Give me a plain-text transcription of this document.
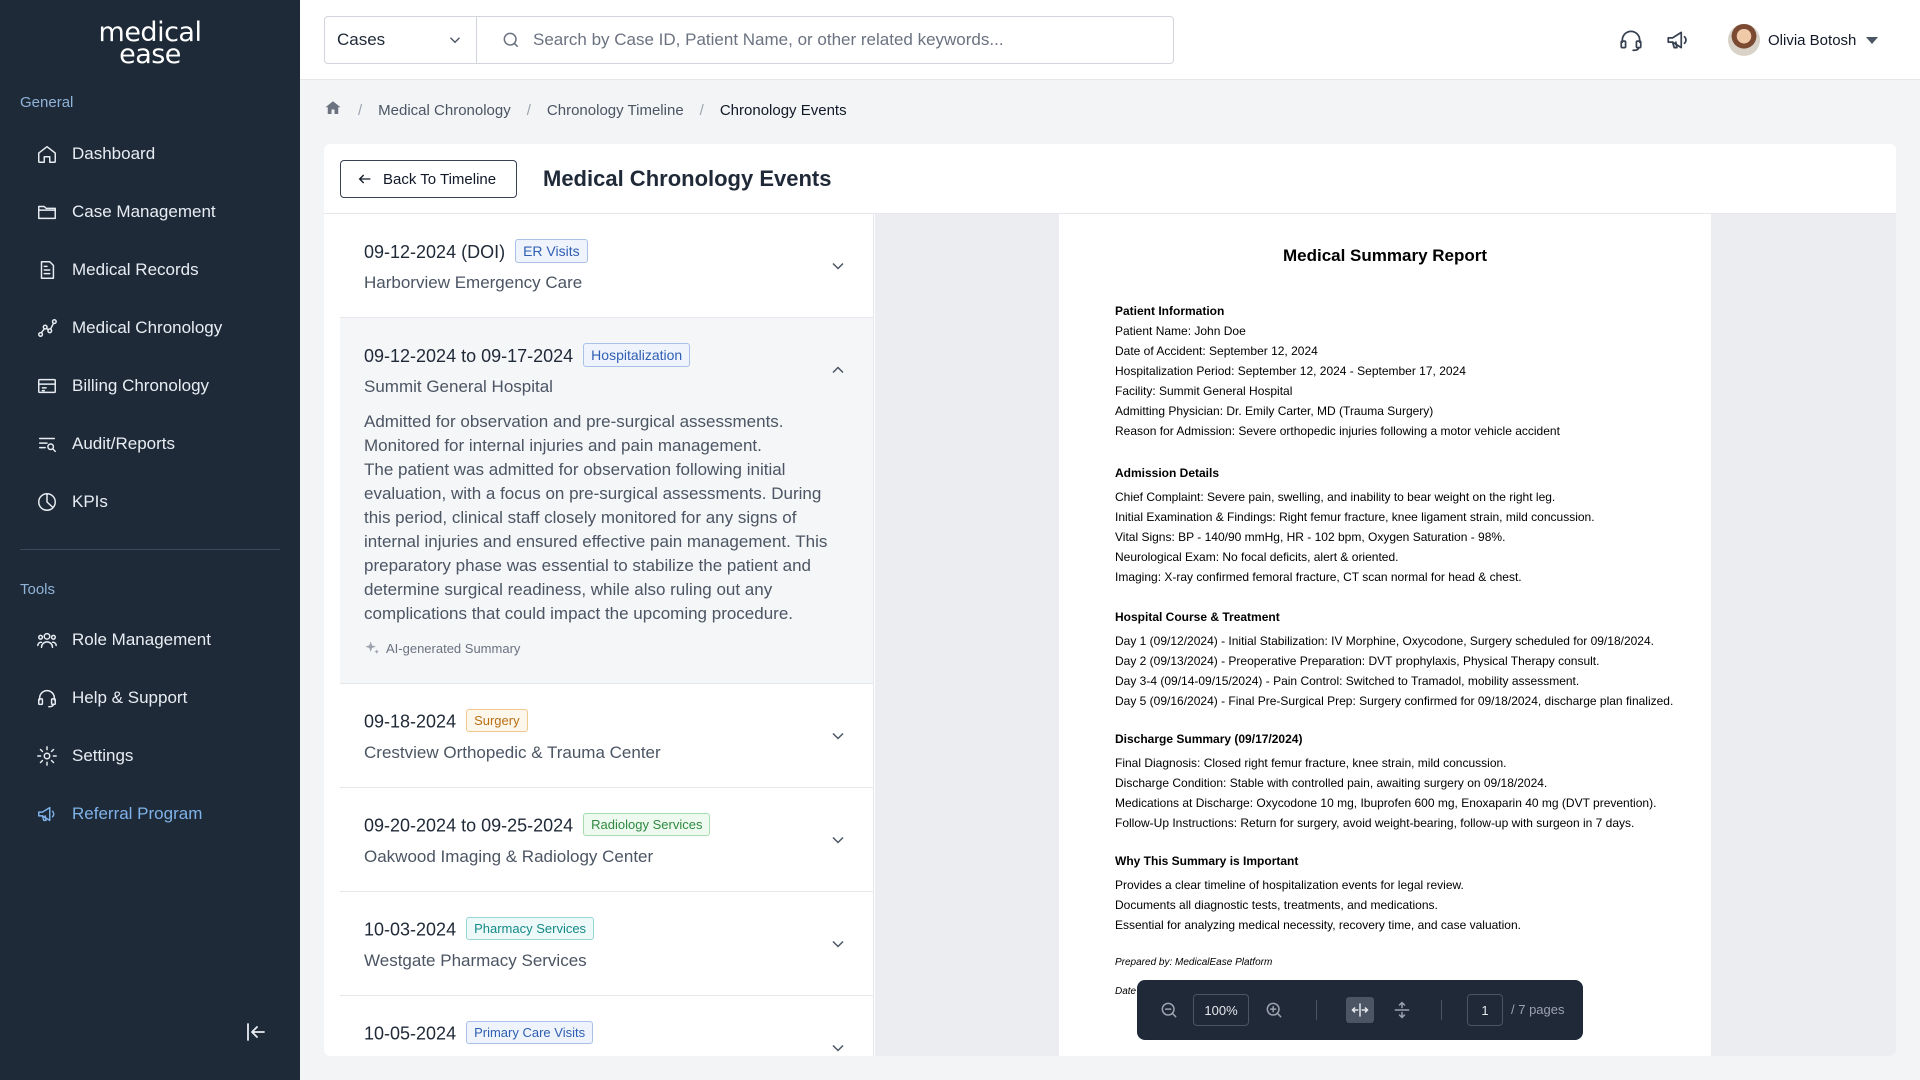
medical
ease
General
Dashboard
Case Management
Medical Records
Medical Chronology
Billing Chronology
Audit/Reports
KPIs
Tools
Role Management
Help & Support
Settings
Referral Program
Cases
Search by Case ID, Patient Name, or other related keywords...	Olivia Botosh
/ Medical Chronology / Chronology Timeline / Chronology Events
Back To Timeline Medical Chronology Events
09-12-2024 (DOI) ER Visits
Harborview Emergency Care
09-12-2024 to 09-17-2024 Hospitalization
Summit General Hospital
Admitted for observation and pre-surgical assessments. Monitored for internal injuries and pain management.
The patient was admitted for observation following initial evaluation, with a focus on pre-surgical assessments. During this period, clinical staff closely monitored for any signs of internal injuries and ensured effective pain management. This preparatory phase was essential to stabilize the patient and determine surgical readiness, while also ruling out any complications that could impact the upcoming procedure.
AI-generated Summary
09-18-2024 Surgery
Crestview Orthopedic & Trauma Center
09-20-2024 to 09-25-2024 Radiology Services
Oakwood Imaging & Radiology Center
10-03-2024 Pharmacy Services
Westgate Pharmacy Services
10-05-2024 Primary Care Visits
Medical Summary Report
Patient Information
Patient Name: John Doe
Date of Accident: September 12, 2024
Hospitalization Period: September 12, 2024 - September 17, 2024
Facility: Summit General Hospital
Admitting Physician: Dr. Emily Carter, MD (Trauma Surgery)
Reason for Admission: Severe orthopedic injuries following a motor vehicle accident
Admission Details
Chief Complaint: Severe pain, swelling, and inability to bear weight on the right leg.
Initial Examination & Findings: Right femur fracture, knee ligament strain, mild concussion.
Vital Signs: BP - 140/90 mmHg, HR - 102 bpm, Oxygen Saturation - 98%.
Neurological Exam: No focal deficits, alert & oriented.
Imaging: X-ray confirmed femoral fracture, CT scan normal for head & chest.
Hospital Course & Treatment
Day 1 (09/12/2024) - Initial Stabilization: IV Morphine, Oxycodone, Surgery scheduled for 09/18/2024.
Day 2 (09/13/2024) - Preoperative Preparation: DVT prophylaxis, Physical Therapy consult.
Day 3-4 (09/14-09/15/2024) - Pain Control: Switched to Tramadol, mobility assessment.
Day 5 (09/16/2024) - Final Pre-Surgical Prep: Surgery confirmed for 09/18/2024, discharge plan finalized.
Discharge Summary (09/17/2024)
Final Diagnosis: Closed right femur fracture, knee strain, mild concussion.
Discharge Condition: Stable with controlled pain, awaiting surgery on 09/18/2024.
Medications at Discharge: Oxycodone 10 mg, Ibuprofen 600 mg, Enoxaparin 40 mg (DVT prevention).
Follow-Up Instructions: Return for surgery, avoid weight-bearing, follow-up with surgeon in 7 days.
Why This Summary is Important
Provides a clear timeline of hospitalization events for legal review.
Documents all diagnostic tests, treatments, and medications.
Essential for analyzing medical necessity, recovery time, and case valuation.
Prepared by: MedicalEase Platform
Date
100%
1
/ 7 pages
